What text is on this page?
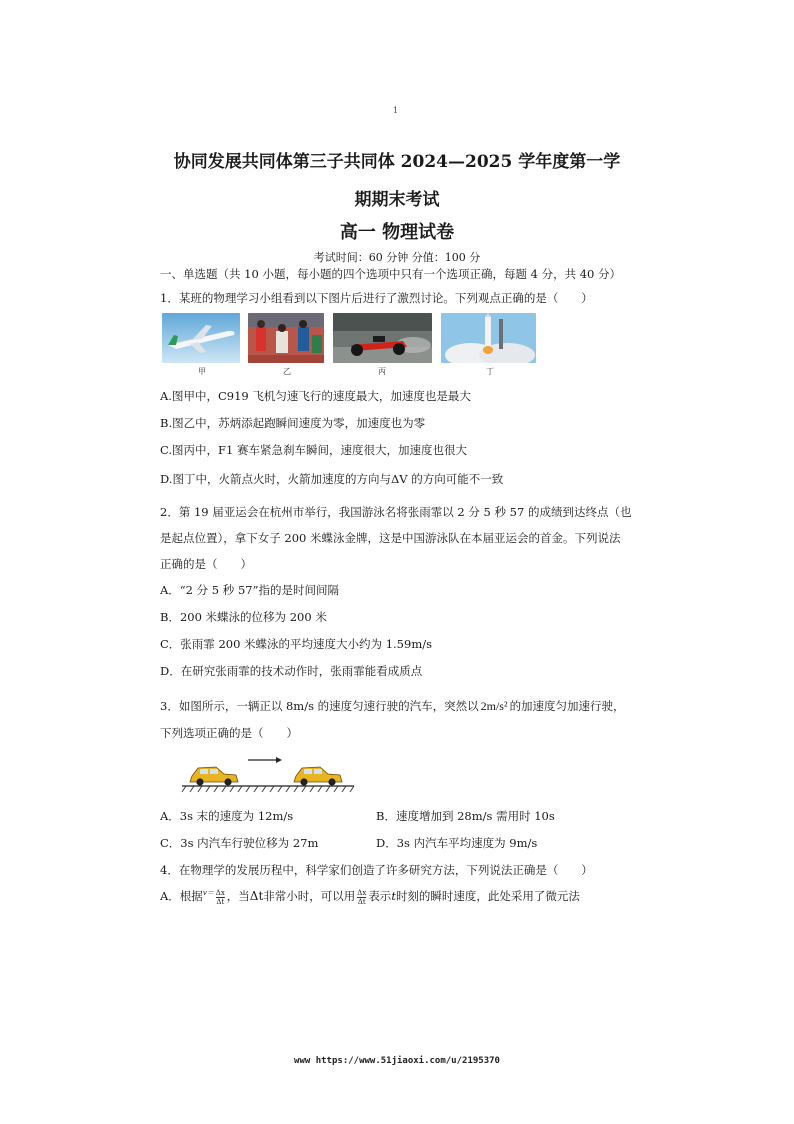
1
协同发展共同体第三子共同体 2024—2025 学年度第一学
期期末考试
高一 物理试卷
考试时间：60 分钟 分值：100 分
一、单选题（共 10 小题，每小题的四个选项中只有一个选项正确，每题 4 分，共 40 分）
1．某班的物理学习小组看到以下图片后进行了激烈讨论。下列观点正确的是（　　）
甲	乙	丙	丁
A.图甲中，C919 飞机匀速飞行的速度最大，加速度也是最大
B.图乙中，苏炳添起跑瞬间速度为零，加速度也为零
C.图丙中，F1 赛车紧急刹车瞬间，速度很大，加速度也很大
D.图丁中，火箭点火时，火箭加速度的方向与ΔV 的方向可能不一致
2．第 19 届亚运会在杭州市举行，我国游泳名将张雨霏以 2 分 5 秒 57 的成绩到达终点（也
是起点位置），拿下女子 200 米蝶泳金牌，这是中国游泳队在本届亚运会的首金。下列说法
正确的是（　　）
A．“2 分 5 秒 57”指的是时间间隔
B．200 米蝶泳的位移为 200 米
C．张雨霏 200 米蝶泳的平均速度大小约为 1.59m/s
D．在研究张雨霏的技术动作时，张雨霏能看成质点
3．如图所示，一辆正以 8m/s 的速度匀速行驶的汽车，突然以 2m/s² 的加速度匀加速行驶，
下列选项正确的是（　　）
A．3s 末的速度为 12m/s	B．速度增加到 28m/s 需用时 10s
C．3s 内汽车行驶位移为 27m	D．3s 内汽车平均速度为 9m/s
4．在物理学的发展历程中，科学家们创造了许多研究方法，下列说法正确是（　　）
A．根据$^{v=} \frac{\Delta x}{\Delta t}$ ，当Δt非常小时，可以用 $\frac{\Delta x}{\Delta t}$ 表示t时刻的瞬时速度，此处采用了微元法
www https://www.51jiaoxi.com/u/2195370
